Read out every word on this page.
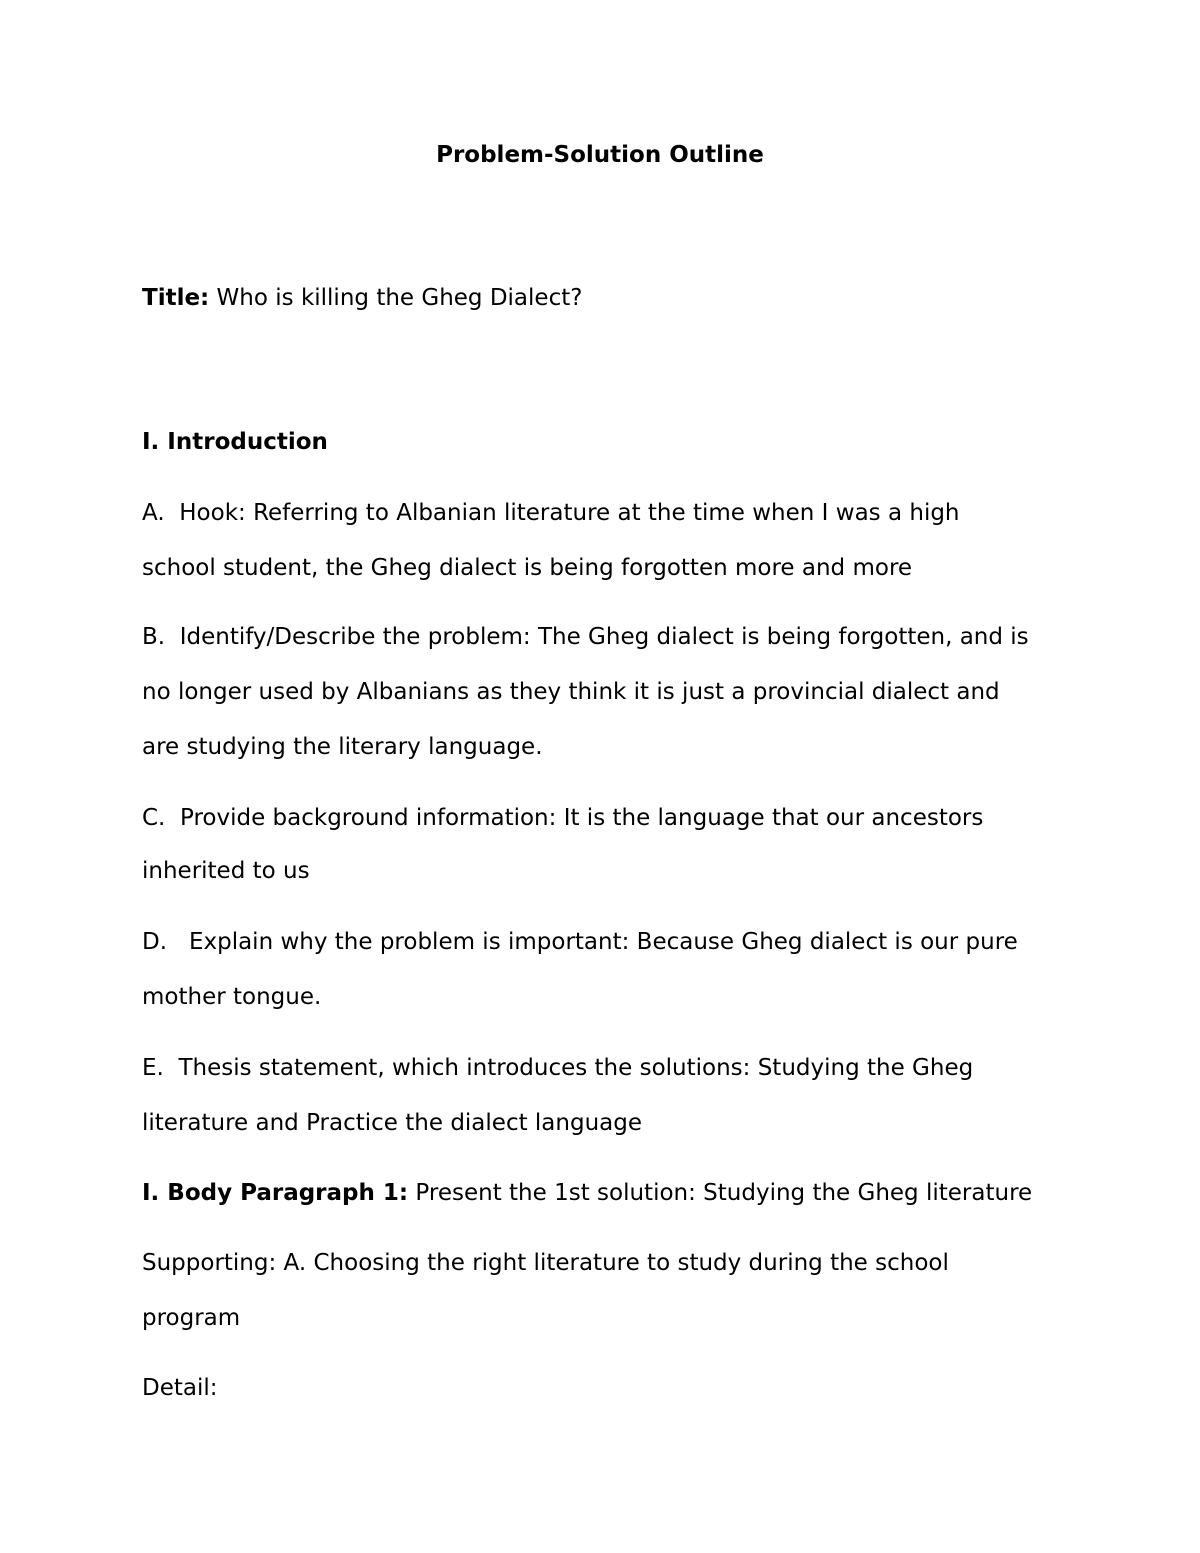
Problem-Solution Outline

Title: Who is killing the Gheg Dialect?

I. Introduction

A.  Hook: Referring to Albanian literature at the time when I was a high

school student, the Gheg dialect is being forgotten more and more

B.  Identify/Describe the problem: The Gheg dialect is being forgotten, and is

no longer used by Albanians as they think it is just a provincial dialect and

are studying the literary language.

C.  Provide background information: It is the language that our ancestors

inherited to us

D.   Explain why the problem is important: Because Gheg dialect is our pure

mother tongue.

E.  Thesis statement, which introduces the solutions: Studying the Gheg

literature and Practice the dialect language

I. Body Paragraph 1: Present the 1st solution: Studying the Gheg literature

Supporting: A. Choosing the right literature to study during the school

program

Detail:
